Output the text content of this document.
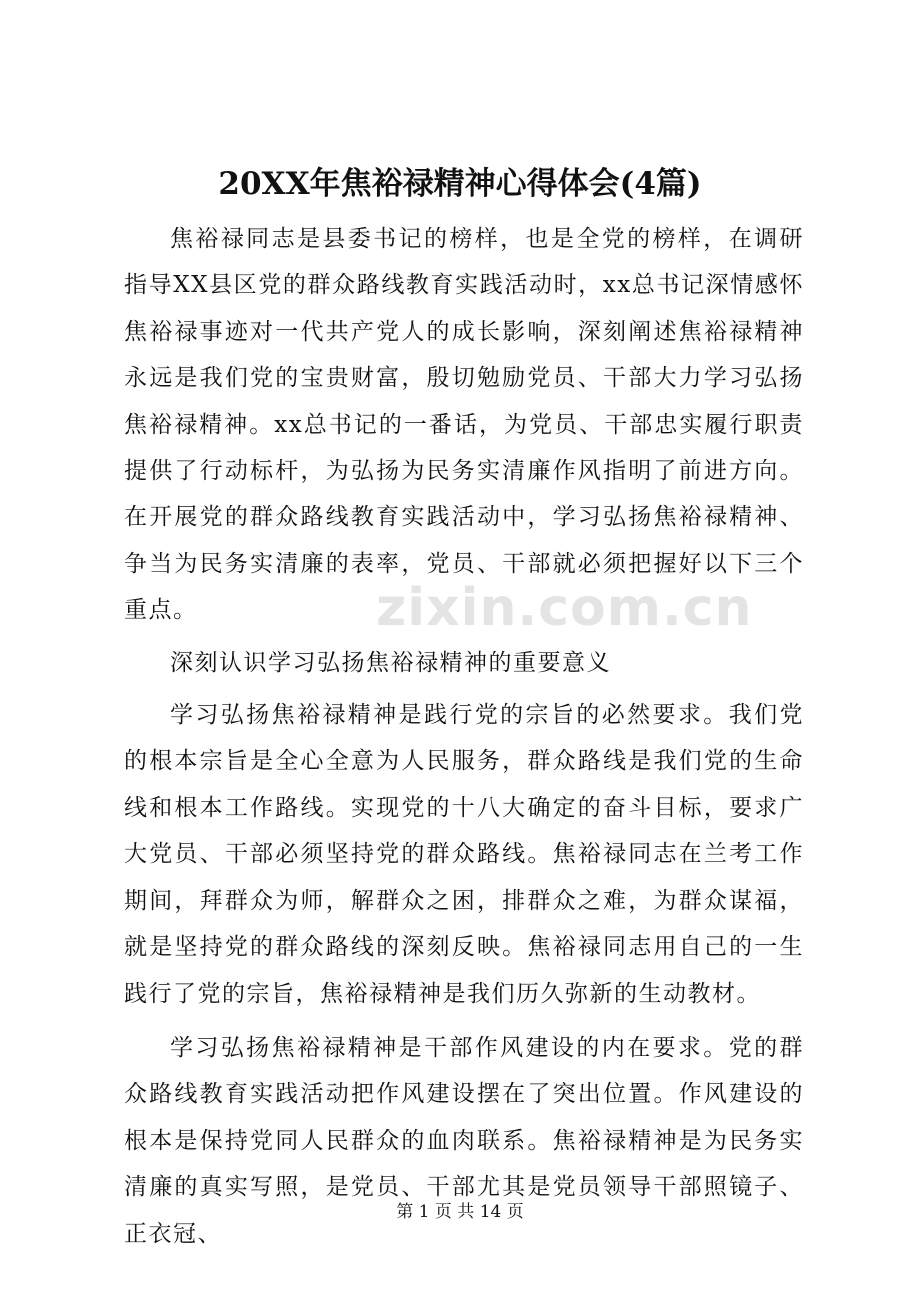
zixin.com.cn
20XX年焦裕禄精神心得体会(4篇)

焦裕禄同志是县委书记的榜样，也是全党的榜样，在调研指导XX县区党的群众路线教育实践活动时，xx总书记深情感怀焦裕禄事迹对一代共产党人的成长影响，深刻阐述焦裕禄精神永远是我们党的宝贵财富，殷切勉励党员、干部大力学习弘扬焦裕禄精神。xx总书记的一番话，为党员、干部忠实履行职责提供了行动标杆，为弘扬为民务实清廉作风指明了前进方向。在开展党的群众路线教育实践活动中，学习弘扬焦裕禄精神、争当为民务实清廉的表率，党员、干部就必须把握好以下三个重点。

深刻认识学习弘扬焦裕禄精神的重要意义

学习弘扬焦裕禄精神是践行党的宗旨的必然要求。我们党的根本宗旨是全心全意为人民服务，群众路线是我们党的生命线和根本工作路线。实现党的十八大确定的奋斗目标，要求广大党员、干部必须坚持党的群众路线。焦裕禄同志在兰考工作期间，拜群众为师，解群众之困，排群众之难，为群众谋福，就是坚持党的群众路线的深刻反映。焦裕禄同志用自己的一生践行了党的宗旨，焦裕禄精神是我们历久弥新的生动教材。

学习弘扬焦裕禄精神是干部作风建设的内在要求。党的群众路线教育实践活动把作风建设摆在了突出位置。作风建设的根本是保持党同人民群众的血肉联系。焦裕禄精神是为民务实清廉的真实写照，是党员、干部尤其是党员领导干部照镜子、正衣冠、

第 1 页 共 14 页
